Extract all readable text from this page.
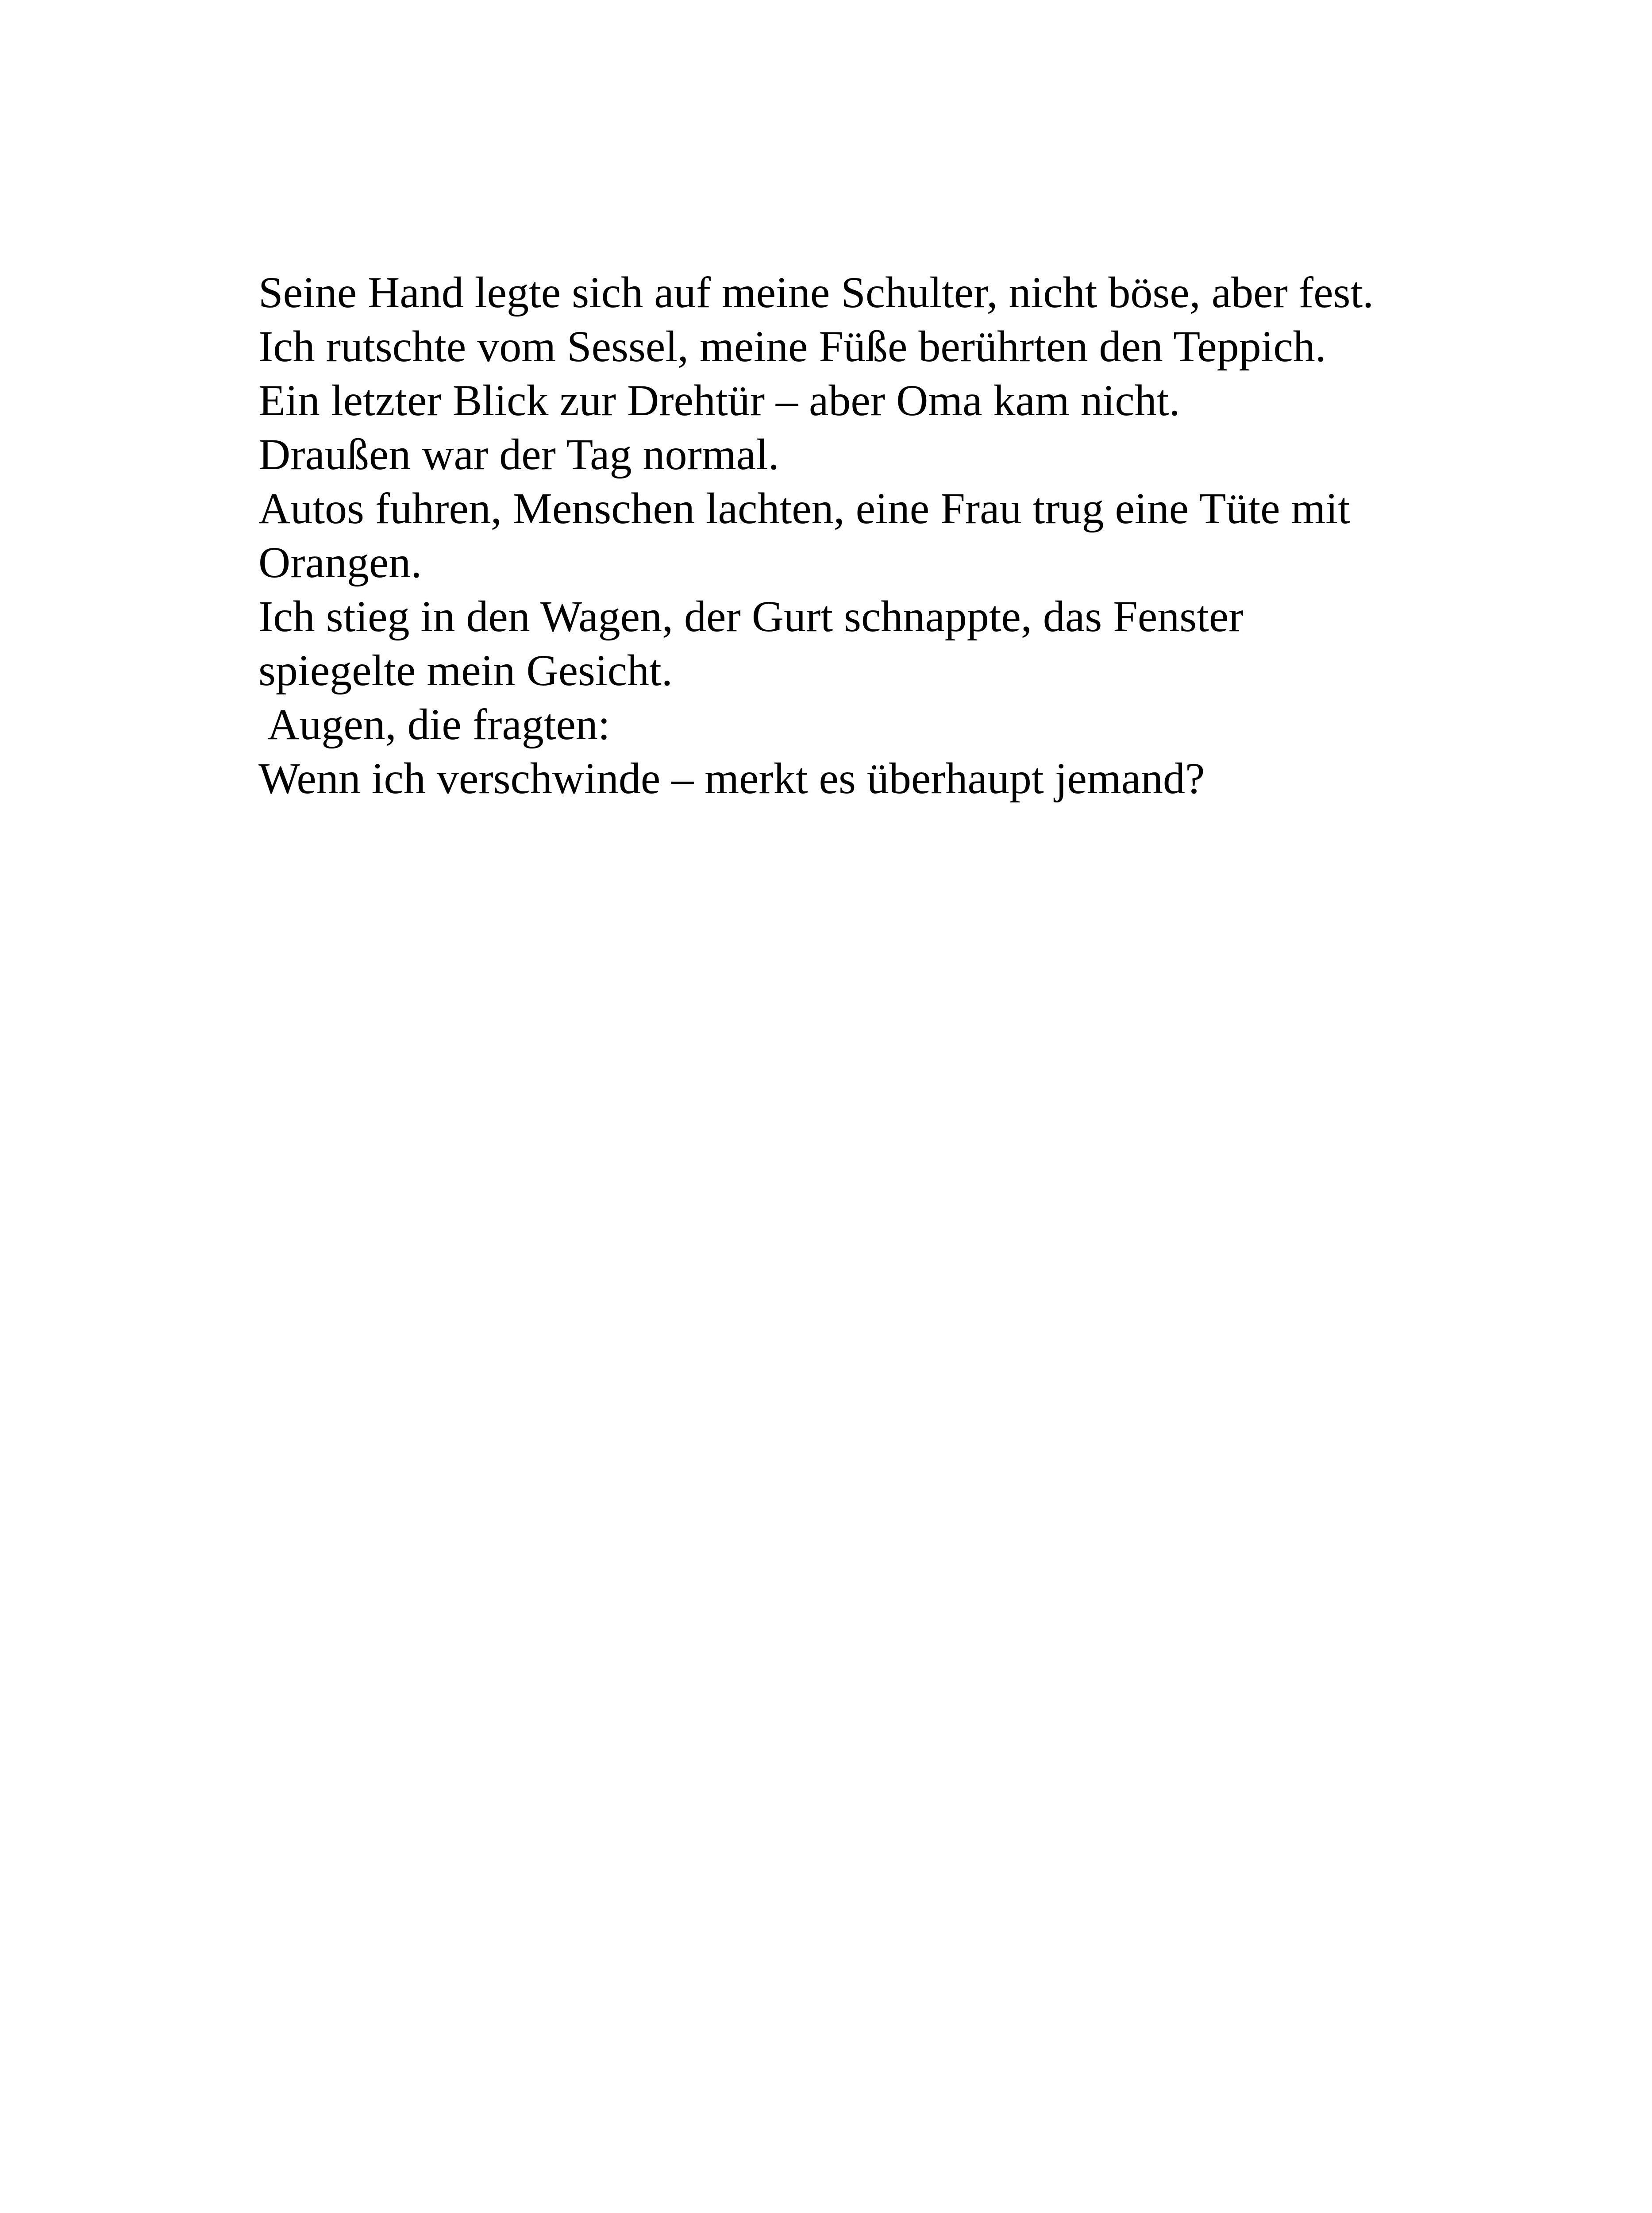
Seine Hand legte sich auf meine Schulter, nicht böse, aber fest.
Ich rutschte vom Sessel, meine Füße berührten den Teppich.
Ein letzter Blick zur Drehtür – aber Oma kam nicht.
Draußen war der Tag normal.
Autos fuhren, Menschen lachten, eine Frau trug eine Tüte mit
Orangen.
Ich stieg in den Wagen, der Gurt schnappte, das Fenster
spiegelte mein Gesicht.
Augen, die fragten:
Wenn ich verschwinde – merkt es überhaupt jemand?
